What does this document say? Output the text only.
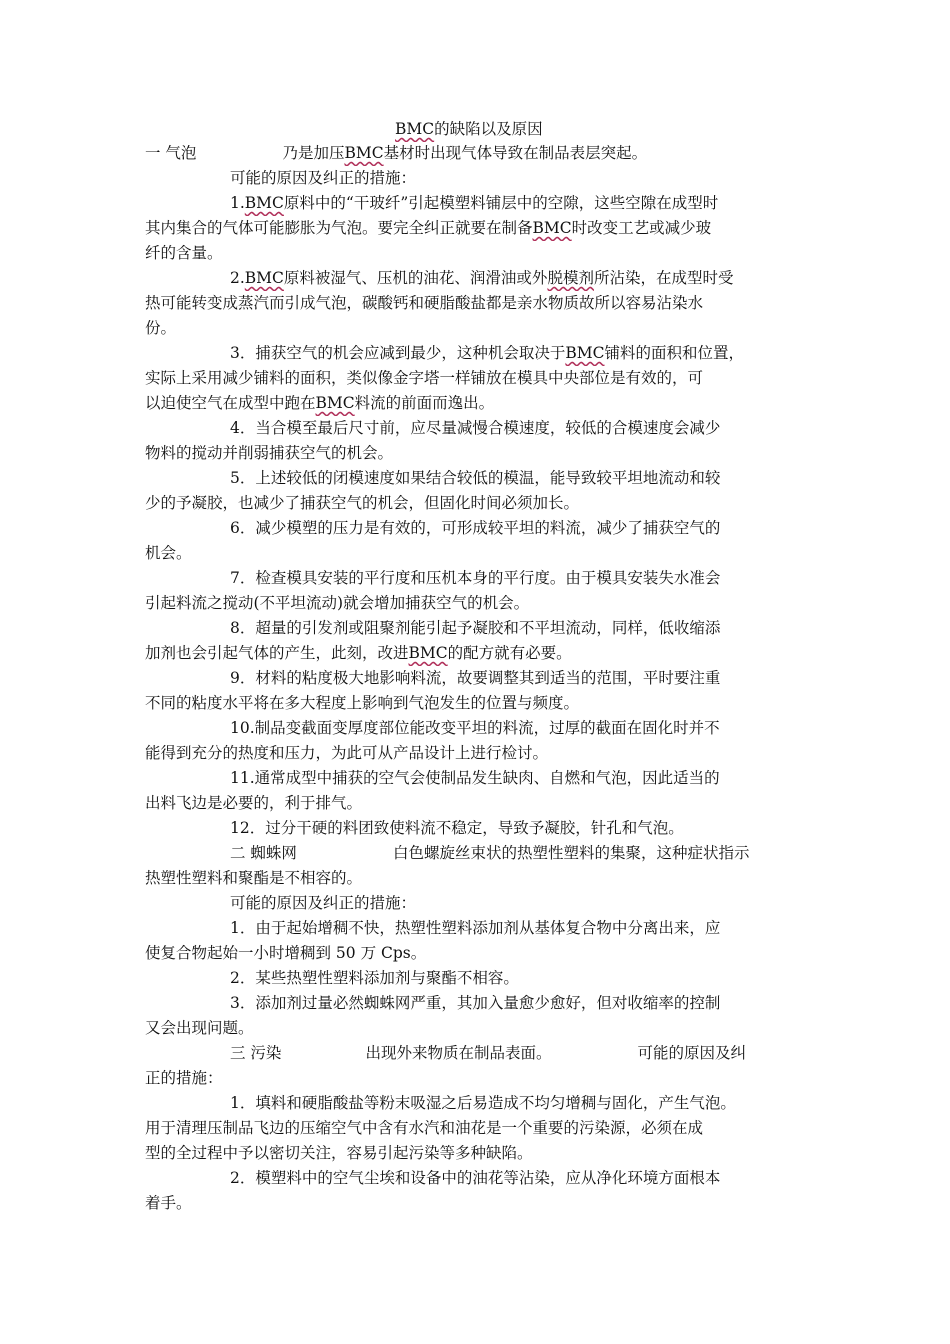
BMC的缺陷以及原因
一 气泡	乃是加压BMC基材时出现气体导致在制品表层突起。
可能的原因及纠正的措施：
1.BMC原料中的“干玻纤”引起模塑料铺层中的空隙，这些空隙在成型时
其内集合的气体可能膨胀为气泡。要完全纠正就要在制备BMC时改变工艺或减少玻
纤的含量。
2.BMC原料被湿气、压机的油花、润滑油或外脱模剂所沾染，在成型时受
热可能转变成蒸汽而引成气泡，碳酸钙和硬脂酸盐都是亲水物质故所以容易沾染水
份。
3．捕获空气的机会应减到最少，这种机会取决于BMC铺料的面积和位置，
实际上采用减少铺料的面积，类似像金字塔一样铺放在模具中央部位是有效的，可
以迫使空气在成型中跑在BMC料流的前面而逸出。
4．当合模至最后尺寸前，应尽量减慢合模速度，较低的合模速度会减少
物料的搅动并削弱捕获空气的机会。
5．上述较低的闭模速度如果结合较低的模温，能导致较平坦地流动和较
少的予凝胶，也减少了捕获空气的机会，但固化时间必须加长。
6．减少模塑的压力是有效的，可形成较平坦的料流，减少了捕获空气的
机会。
7．检查模具安装的平行度和压机本身的平行度。由于模具安装失水准会
引起料流之搅动(不平坦流动)就会增加捕获空气的机会。
8．超量的引发剂或阻聚剂能引起予凝胶和不平坦流动，同样，低收缩添
加剂也会引起气体的产生，此刻，改进BMC的配方就有必要。
9．材料的粘度极大地影响料流，故要调整其到适当的范围，平时要注重
不同的粘度水平将在多大程度上影响到气泡发生的位置与频度。
10.制品变截面变厚度部位能改变平坦的料流，过厚的截面在固化时并不
能得到充分的热度和压力，为此可从产品设计上进行检讨。
11.通常成型中捕获的空气会使制品发生缺肉、自燃和气泡，因此适当的
出料飞边是必要的，利于排气。
12．过分干硬的料团致使料流不稳定，导致予凝胶，针孔和气泡。
二 蜘蛛网	白色螺旋丝束状的热塑性塑料的集聚，这种症状指示
热塑性塑料和聚酯是不相容的。
可能的原因及纠正的措施：
1．由于起始增稠不快，热塑性塑料添加剂从基体复合物中分离出来，应
使复合物起始一小时增稠到 50 万 Cps。
2．某些热塑性塑料添加剂与聚酯不相容。
3．添加剂过量必然蜘蛛网严重，其加入量愈少愈好，但对收缩率的控制
又会出现问题。
三 污染	出现外来物质在制品表面。	可能的原因及纠
正的措施：
1．填料和硬脂酸盐等粉末吸湿之后易造成不均匀增稠与固化，产生气泡。
用于清理压制品飞边的压缩空气中含有水汽和油花是一个重要的污染源，必须在成
型的全过程中予以密切关注，容易引起污染等多种缺陷。
2．模塑料中的空气尘埃和设备中的油花等沾染，应从净化环境方面根本
着手。
